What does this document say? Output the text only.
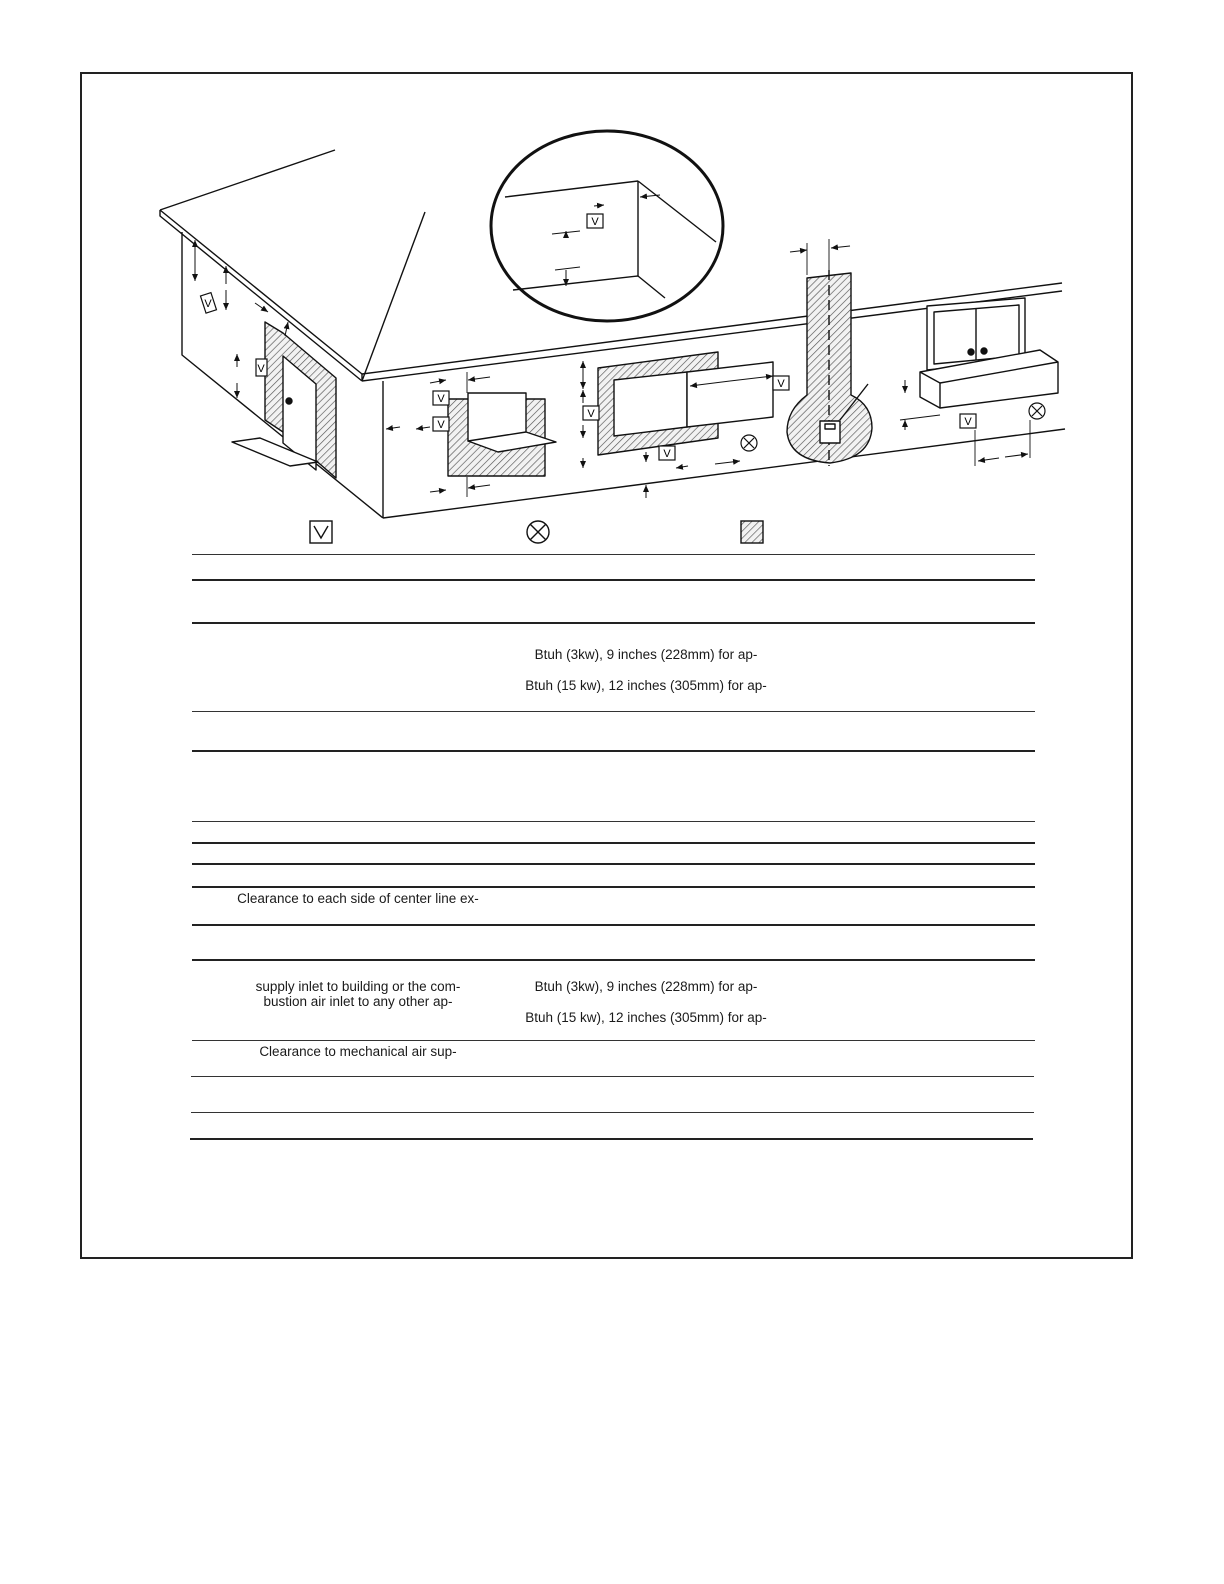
V
V
V
V
V
V
V
V
V
Btuh (3kw), 9 inches (228mm) for ap-
Btuh (15 kw), 12 inches (305mm) for ap-
Clearance to each side of center line ex-
supply inlet to building or the com-
bustion air inlet to any other ap-
Btuh (3kw), 9 inches (228mm) for ap-
Btuh (15 kw), 12 inches (305mm) for ap-
Clearance to mechanical air sup-
